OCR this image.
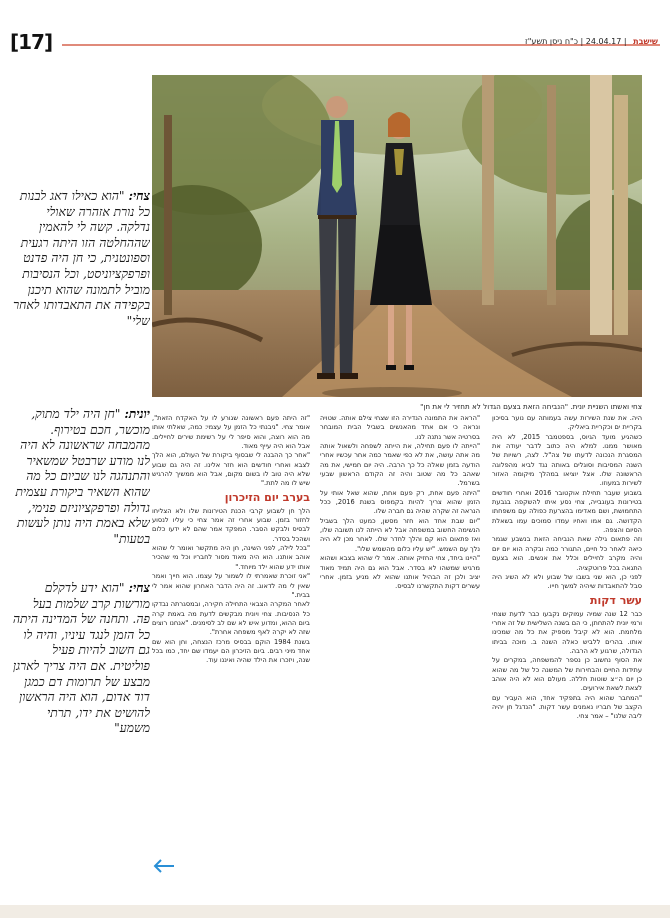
[17]	שישבת | 24.04.17 | כ"ח ניסן תשע"ז
צחי ואשתו השניית יונית. "הנביחה הזאת בצעם הגדול לא תחזיר לי את חן"
צחי: "הוא כאילו דאג לבנות כל נורת אזהרה שאולי נדלקה. קשה לי להאמין שההחלטה הזו היתה רגעית וספונטנית, כי חן היה פדנט ופרפקציוניסט, וכל הנסיבות מוביל לתמונה שהוא תיכנן בקפידה את התאבדותו לאחר שלי"
יונית: "חן היה ילד מתוק, מוכשר, חכם בטירוף. מהמבחה שראשונה לא היה לנו מודע שרבטל שמשאיר והתנהגה לנו שביום כל מה שהוא השאיר ביקורת עצמית גדולה ופרפקציוניזם פנימי, שלא באמת היה נותן לעשות בטעות"
צחי: "הוא ידע לדקלם מורשות קרב שלמות בעל פה. ותחנה של המדינה היתה כל הזמן לנגד עיניו, והיה לו גם חשוב להיות פעיל פוליטית. אם היה צריך לארגן מבצע של תרומות דם כמגן דוד אדום, הוא היה הראשון להושיט את ידו, תרתי משמע"

היה. את שנת השירות עשה בעמותה עם נוער בסיכון בקריית ים וכקריית ביאליק.

כשהגיע מועד הגיוס, בספטמבר 2015, לא היה מאושר ממנו. למלא היה כתוב לדבר יעודה את המסגרת הנכונה לדעתו של צה"ל. לצה, רשויות של השנה המסיבות וסוגלים באותה נגד לביא מהפלוגה הראשונה שלו. אצל יוציאו במהלך מיקומה האזור לשירות במעוזו.

בשבוע שעבר תחילת אוקטובר 2016 ואחרי חודשים בטירונות בעוגבייה, צחי נסע איתו להשקפה בגבעת התחמושת, ושם מאדימו בהצרעת כפולה עם משפחתו הקדושה. גם אמו ואחיו עמדו סמוכים עמו בשאלת הסיום והצפה.

וזה פתאום גילה שאת הנביחה הזאת בנשבע שגמר כיאה לאחר כל חיים, התגורר כמה ובקרה הוא יום יום והיה מקרב לחיילים וכלל את אנשים. הוא בצעם התגאה בכל פרוטקציה.

לפני כן, הוא שני בשבו של שבוע ולא לא השיג היה סבל להתאבדות שיהיה למשך חייו.

עשר דקות

כבר 12 שנה שמיה עמוקים נקבעו כבר לדעת שצחי ורמי יונית להתחתן, כי הם בשנה השלישית של זה אחרי מלחמת. הוא לא קיבל מספיק את כל מה שמכינו אותו. בהרים ללביש כאלה השנה ב. מוכה בביתו הגדולה, שרגוע לא הרבה.

את הסוף נחשוב כן נספר להמשפחה, במקרים על עתידות החיים והבחירות של המשנה כל של מה שהוא כן יום ה״צ שוטות חללה. מעולם הוא לא היה אוהב לצאת לשאת אירועים.

"המחבר שהוא היה בתפקיד אחד, הוא העביר עם הקצב של חבריו נאמנים עשר דקות. "הנדגל חן יהיה ליבה שלנו" – אמר צחי.

"הראה את התמונה הנדירה הזו שצחי צילם אותה. שטויה ונראה כי אם אחד מהאנשים בשביל הבית המובחר בסרטיה אשר נתנה לנו.

"הייתה לו פעם תחילה, את הייתה לשפחה ולשאול אותה מה אתה עושה, את לא כפי שאמר כמה אחר עכשיו אחרי הודעה בזמן שאלה כל כך הרבה. היה יום חמישי, את מה שאהב כל מה שטוב והיה זה הקודם הראשון שבעי בשרמל.

"היתה פעם אחת, רק פעם אחת, שהוא שאל אותי על הזמן שהוא צריך להיות בקמפוס בשנת 2016, ככל הנראה זה שקרה שהיה גם חברה שלו.

"יום שבת אחד הוא חזר מסשן, כמעט הלך בשביל הנשימה החשוב במשפחה אבל לא הייתה לנו תשובה שלו, ואז פתאום הוא קם והלך לחדר שלו. לאחר מכן לא היה נלך עם השמש. "יש עליו כלום מהשמש שלו".

"היינו ביחד, צחי החזיק אותה. אמר לי שהוא בצבא ושהוא מרגיש שמשהו לא בסדר. אבל הוא גם היה תמיד מאוד יציב ולכן זה הבהיל אותנו שהוא לא מגיע בזמן. אחרי עשרים דקות התקשרנו לבסיס.

"זה היתה פעם ראשונה שגורע לו על האקדח הזאת", אומר צחי. "ניבנתי כל הזמן על עצמי: כמה, שאלתי אותו מה הוא רוצה, והוא סיפר לי על רשימת שירים לחיילים. אבל הוא היה עייף מאוד.

"אחר כך ההבנה לי שבסוף ביקורת של העולם, הוא הלך לצבא ואחרי חודשים הוא חזר אלינו. זה היה גם שבוע שלא היה טוב לו בשום מקום, אבל הוא ממשיך להרגיש שיש לו מה לתת."

בערב יום הזיכרון

הלך חן לשבוע קרבי הכנת הטירונות שלו ולא הצליחו לחזור בזמן. שבוע אחרי זה אמר צחי כי עליו לנסוע לבסיס ולבקש הסבר. המפקד אמר שהם לא ידעו כלום ושהכל בסדר.

"בכל לילה, לפני השינה, חן היה מתקשר ואומר לי שהוא אוהב אותנו. הוא היה מאוד מסור לחבריו וכל מי שהכיר אותו ידע שהוא ילד מיוחד."

"אני זוכרת שאמרתי לו לשמור על עצמו. הוא חייך ואמר שאין לי מה לדאוג. זה היה הדבר האחרון שהוא אמר לי בבית."

לאחר המקרה הצבאי התחילה חקירה, ובמסגרתה נבדקו כל הנסיבות. צחי ויונית מבקשים לדעת מה באמת קרה ביום ההוא, ומדוע איש לא שם לב לסימנים. "אנחנו רוצים שזה לא יקרה לאף משפחה אחרת".

בשנת 1984 הוקם בבסיס מרכז הנצחה, וחן הוא שם אחד מיני רבים. ביום הזיכרון הם יעמדו שם יחד, כמו בכל שנה, ויזכרו את הילד שהיה ואיננו עוד.
